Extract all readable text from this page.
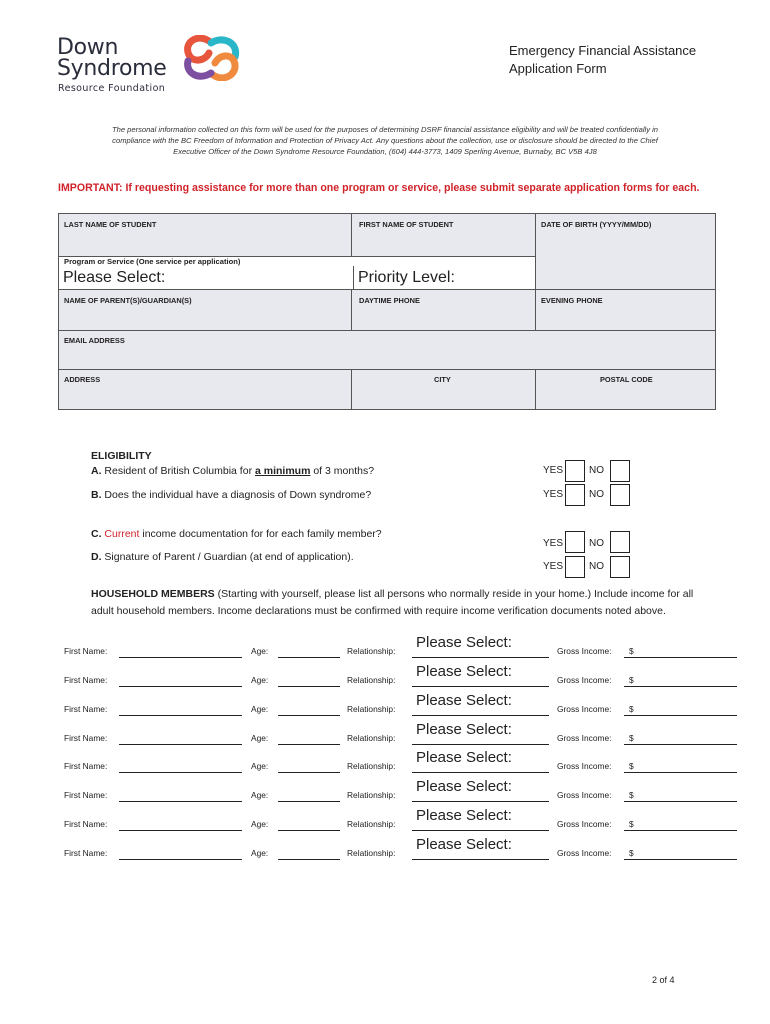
Down
Syndrome
Resource Foundation
Emergency Financial Assistance
Application Form
The personal information collected on this form will be used for the purposes of determining DSRF financial assistance eligibility and will be treated confidentially in
compliance with the BC Freedom of Information and Protection of Privacy Act. Any questions about the collection, use or disclosure should be directed to the Chief
Executive Officer of the Down Syndrome Resource Foundation, (604) 444-3773, 1409 Sperling Avenue, Burnaby, BC V5B 4J8
IMPORTANT: If requesting assistance for more than one program or service, please submit separate application forms for each.
LAST NAME OF STUDENT	FIRST NAME OF STUDENT	DATE OF BIRTH (YYYY/MM/DD)
Program or Service (One service per application)
Please Select:	Priority Level:
NAME OF PARENT(S)/GUARDIAN(S)	DAYTIME PHONE	EVENING PHONE
EMAIL ADDRESS
ADDRESS	CITY	POSTAL CODE
ELIGIBILITY
A. Resident of British Columbia for a minimum of 3 months?
B. Does the individual have a diagnosis of Down syndrome?
C. Current income documentation for for each family member?
D. Signature of Parent / Guardian (at end of application).
YES	NO
YES	NO
YES	NO
YES	NO
HOUSEHOLD MEMBERS (Starting with yourself, please list all persons who normally reside in your home.) Include income for all
adult household members. Income declarations must be confirmed with require income verification documents noted above.
First Name:	Age:	Relationship: Please Select:	Gross Income: $
First Name:	Age:	Relationship: Please Select:	Gross Income: $
First Name:	Age:	Relationship: Please Select:	Gross Income: $
First Name:	Age:	Relationship: Please Select:	Gross Income: $
First Name:	Age:	Relationship: Please Select:	Gross Income: $
First Name:	Age:	Relationship: Please Select:	Gross Income: $
First Name:	Age:	Relationship: Please Select:	Gross Income: $
First Name:	Age:	Relationship: Please Select:	Gross Income: $
2 of 4
